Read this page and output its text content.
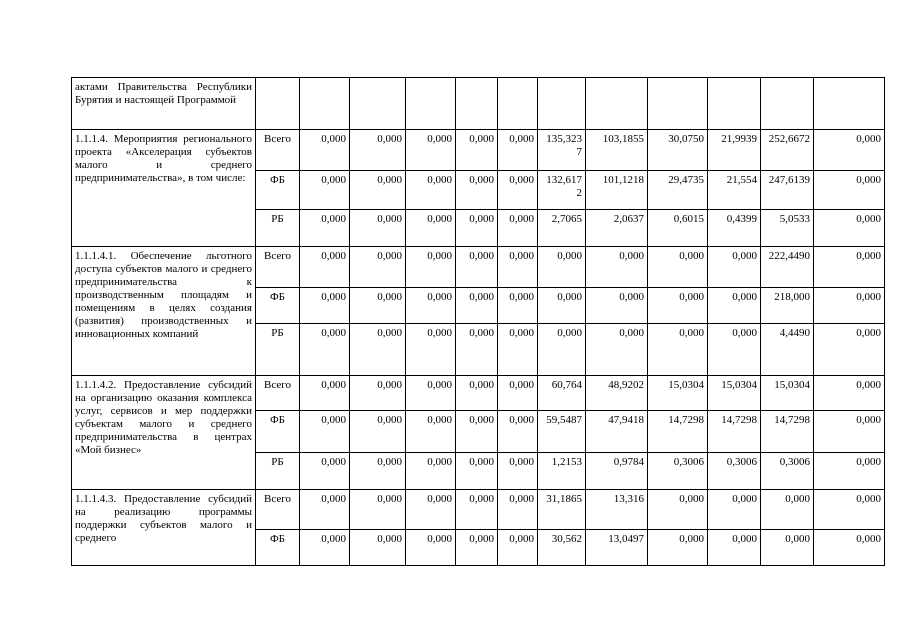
актами Правительства Республики Бурятия и настоящей Программой												
1.1.1.4. Мероприятия регионального проекта «Акселерация субъектов малого и среднего предпринимательства», в том числе:	Всего	0,000	0,000	0,000	0,000	0,000	135,3237	103,1855	30,0750	21,9939	252,6672	0,000
	ФБ	0,000	0,000	0,000	0,000	0,000	132,6172	101,1218	29,4735	21,554	247,6139	0,000
	РБ	0,000	0,000	0,000	0,000	0,000	2,7065	2,0637	0,6015	0,4399	5,0533	0,000
1.1.1.4.1. Обеспечение льготного доступа субъектов малого и среднего предпринимательства к производственным площадям и помещениям в целях создания (развития) производственных и инновационных компаний	Всего	0,000	0,000	0,000	0,000	0,000	0,000	0,000	0,000	0,000	222,4490	0,000
	ФБ	0,000	0,000	0,000	0,000	0,000	0,000	0,000	0,000	0,000	218,000	0,000
	РБ	0,000	0,000	0,000	0,000	0,000	0,000	0,000	0,000	0,000	4,4490	0,000
1.1.1.4.2. Предоставление субсидий на организацию оказания комплекса услуг, сервисов и мер поддержки субъектам малого и среднего предпринимательства в центрах «Мой бизнес»	Всего	0,000	0,000	0,000	0,000	0,000	60,764	48,9202	15,0304	15,0304	15,0304	0,000
	ФБ	0,000	0,000	0,000	0,000	0,000	59,5487	47,9418	14,7298	14,7298	14,7298	0,000
	РБ	0,000	0,000	0,000	0,000	0,000	1,2153	0,9784	0,3006	0,3006	0,3006	0,000
1.1.1.4.3. Предоставление субсидий на реализацию программы поддержки субъектов малого и среднего	Всего	0,000	0,000	0,000	0,000	0,000	31,1865	13,316	0,000	0,000	0,000	0,000
	ФБ	0,000	0,000	0,000	0,000	0,000	30,562	13,0497	0,000	0,000	0,000	0,000
